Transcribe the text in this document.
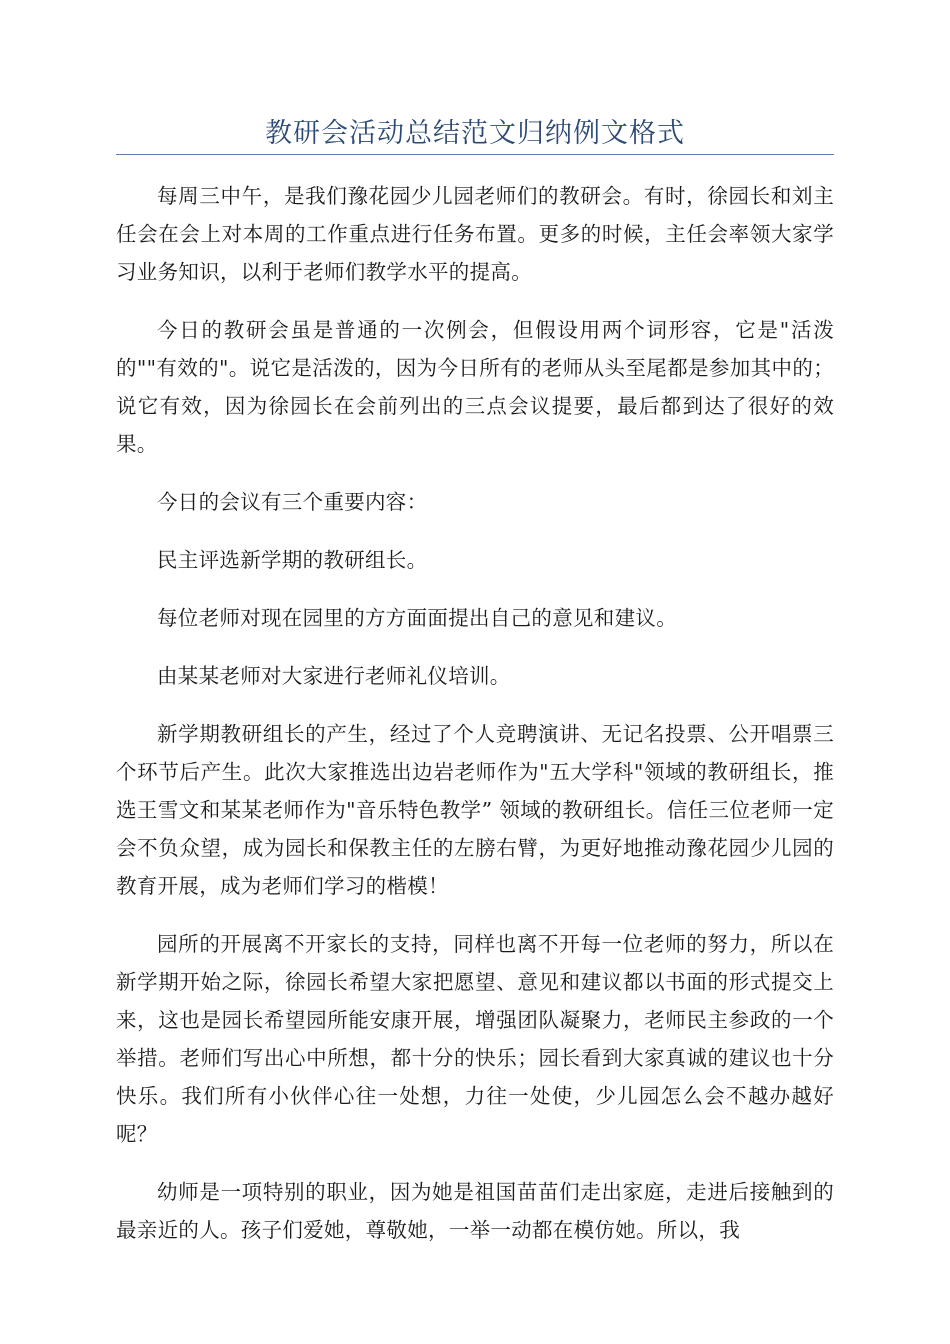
教研会活动总结范文归纳例文格式

每周三中午，是我们豫花园少儿园老师们的教研会。有时，徐园长和刘主任会在会上对本周的工作重点进行任务布置。更多的时候，主任会率领大家学习业务知识，以利于老师们教学水平的提高。

今日的教研会虽是普通的一次例会，但假设用两个词形容，它是"活泼的""有效的"。说它是活泼的，因为今日所有的老师从头至尾都是参加其中的；说它有效，因为徐园长在会前列出的三点会议提要，最后都到达了很好的效果。

今日的会议有三个重要内容：

民主评选新学期的教研组长。

每位老师对现在园里的方方面面提出自己的意见和建议。

由某某老师对大家进行老师礼仪培训。

新学期教研组长的产生，经过了个人竞聘演讲、无记名投票、公开唱票三个环节后产生。此次大家推选出边岩老师作为"五大学科"领域的教研组长，推选王雪文和某某老师作为"音乐特色教学” 领域的教研组长。信任三位老师一定会不负众望，成为园长和保教主任的左膀右臂，为更好地推动豫花园少儿园的教育开展，成为老师们学习的楷模！

园所的开展离不开家长的支持，同样也离不开每一位老师的努力，所以在新学期开始之际，徐园长希望大家把愿望、意见和建议都以书面的形式提交上来，这也是园长希望园所能安康开展，增强团队凝聚力，老师民主参政的一个举措。老师们写出心中所想，都十分的快乐；园长看到大家真诚的建议也十分快乐。我们所有小伙伴心往一处想，力往一处使，少儿园怎么会不越办越好呢？

幼师是一项特别的职业，因为她是祖国苗苗们走出家庭，走进后接触到的最亲近的人。孩子们爱她，尊敬她，一举一动都在模仿她。所以，我
